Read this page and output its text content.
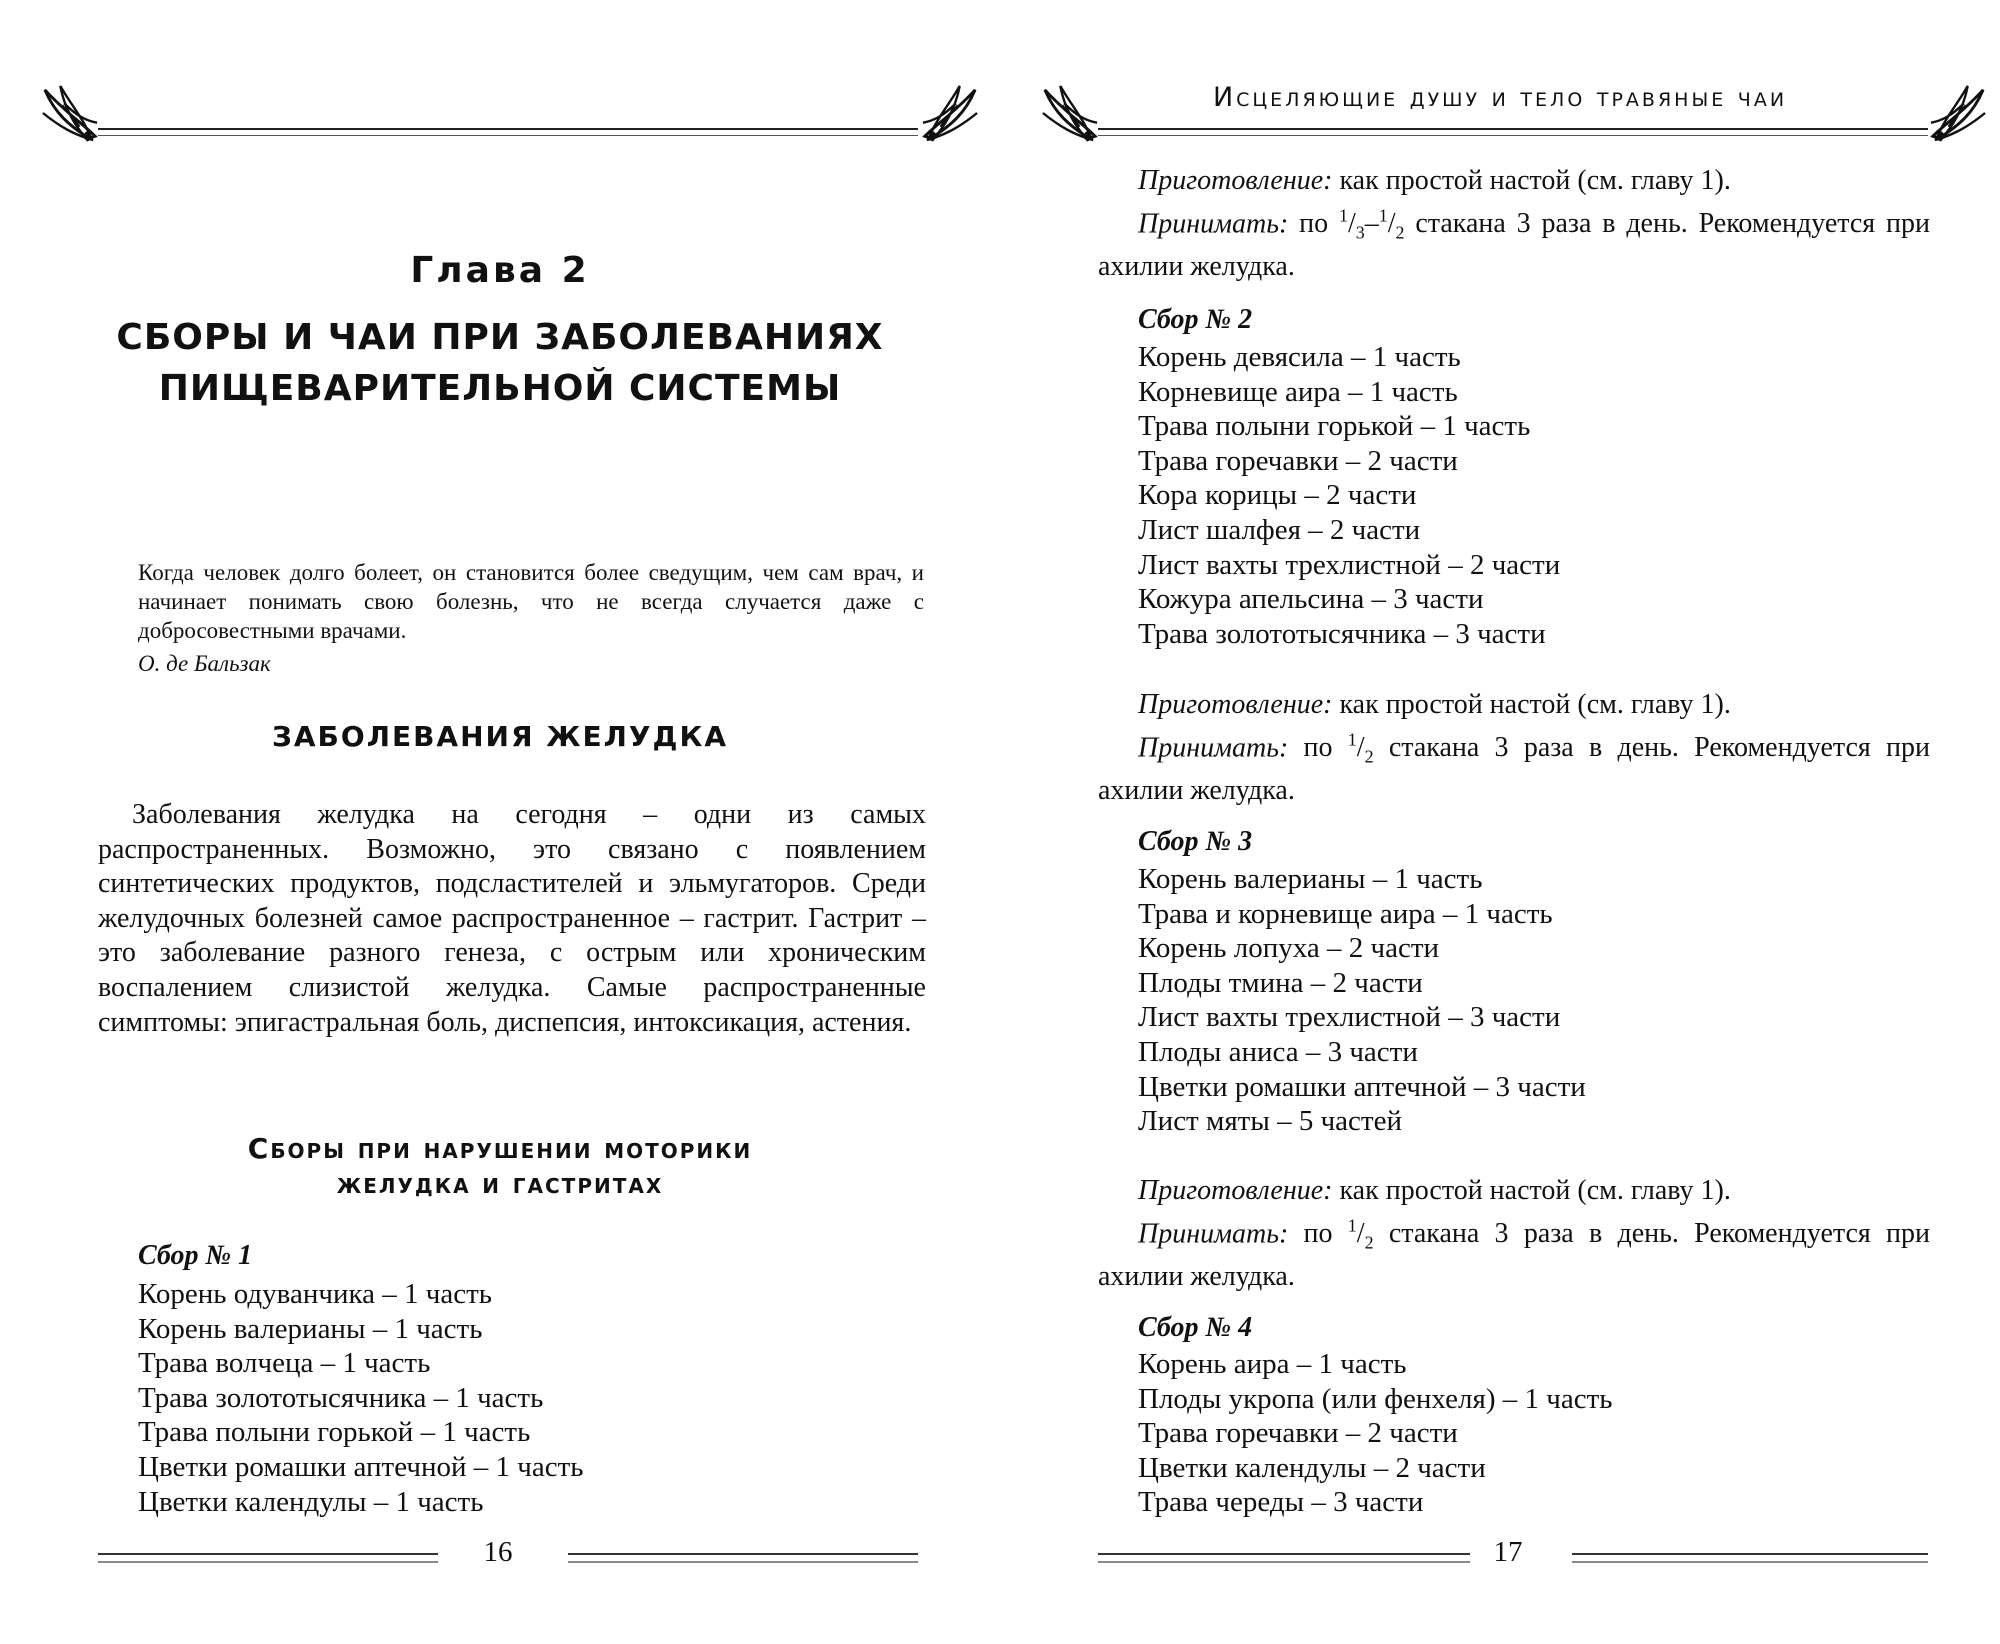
Глава 2
СБОРЫ И ЧАИ ПРИ ЗАБОЛЕВАНИЯХ
ПИЩЕВАРИТЕЛЬНОЙ СИСТЕМЫ
Когда человек долго болеет, он становится более сведущим, чем сам врач, и начинает понимать свою болезнь, что не всегда случается даже с добросовестными врачами.
О. де Бальзак
ЗАБОЛЕВАНИЯ ЖЕЛУДКА
Заболевания желудка на сегодня – одни из самых распространенных. Возможно, это связано с появлением синтетических продуктов, подсластителей и эльмугаторов. Среди желудочных болезней самое распространенное – гастрит. Гастрит – это заболевание разного генеза, с острым или хроническим воспалением слизистой желудка. Самые распространенные симптомы: эпигастральная боль, диспепсия, интоксикация, астения.
Сборы при нарушении моторики
желудка и гастритах
Сбор № 1
Корень одуванчика – 1 часть
Корень валерианы – 1 часть
Трава волчеца – 1 часть
Трава золототысячника – 1 часть
Трава полыни горькой – 1 часть
Цветки ромашки аптечной – 1 часть
Цветки календулы – 1 часть
16
Исцеляющие душу и тело травяные чаи
Приготовление: как простой настой (см. главу 1).
Принимать: по $^1/_3-^1/_2$ стакана 3 раза в день. Рекомендуется при ахилии желудка.
Сбор № 2
Корень девясила – 1 часть
Корневище аира – 1 часть
Трава полыни горькой – 1 часть
Трава горечавки – 2 части
Кора корицы – 2 части
Лист шалфея – 2 части
Лист вахты трехлистной – 2 части
Кожура апельсина – 3 части
Трава золототысячника – 3 части
Приготовление: как простой настой (см. главу 1).
Принимать: по $^1/_2$ стакана 3 раза в день. Рекомендуется при ахилии желудка.
Сбор № 3
Корень валерианы – 1 часть
Трава и корневище аира – 1 часть
Корень лопуха – 2 части
Плоды тмина – 2 части
Лист вахты трехлистной – 3 части
Плоды аниса – 3 части
Цветки ромашки аптечной – 3 части
Лист мяты – 5 частей
Приготовление: как простой настой (см. главу 1).
Принимать: по $^1/_2$ стакана 3 раза в день. Рекомендуется при ахилии желудка.
Сбор № 4
Корень аира – 1 часть
Плоды укропа (или фенхеля) – 1 часть
Трава горечавки – 2 части
Цветки календулы – 2 части
Трава череды – 3 части
17
